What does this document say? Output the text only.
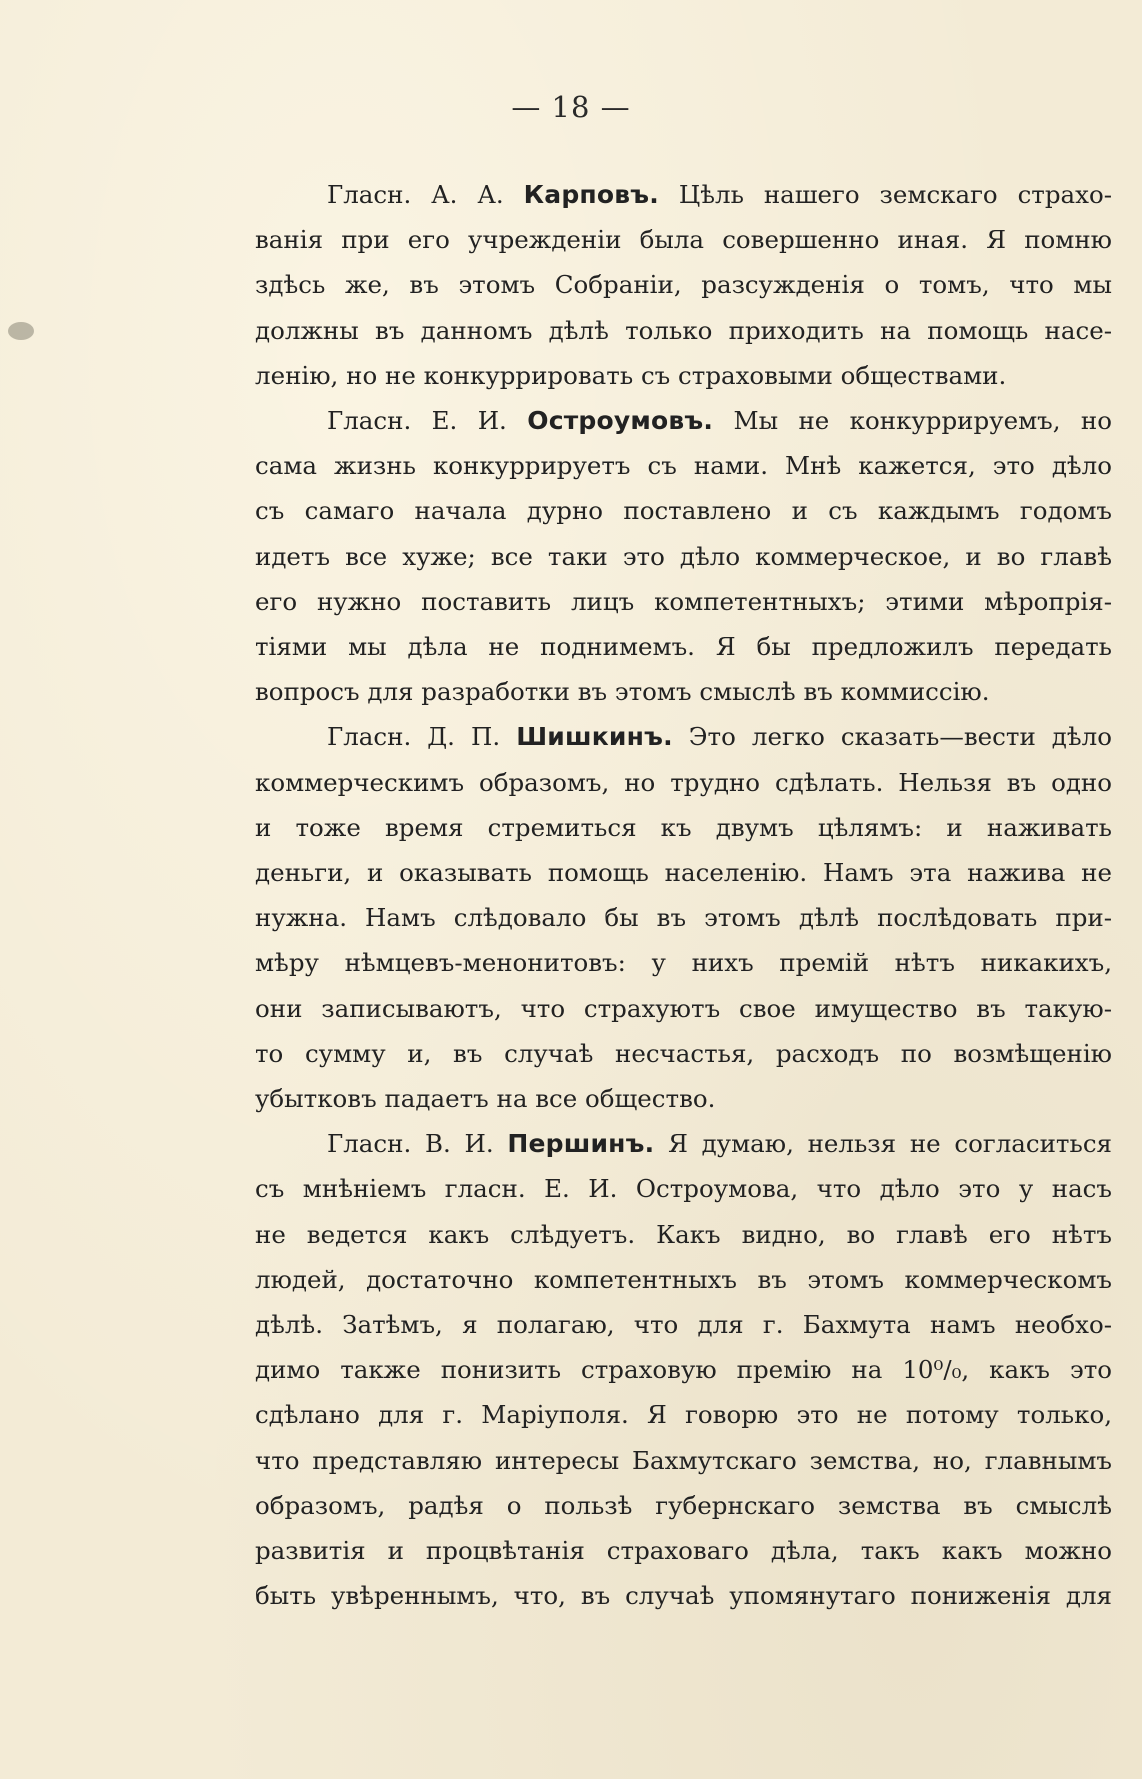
— 18 —
Гласн. А. А. Карповъ. Цѣль нашего земскаго страхо-
ванія при его учрежденіи была совершенно иная. Я помню
здѣсь же, въ этомъ Собраніи, разсужденія о томъ, что мы
должны въ данномъ дѣлѣ только приходить на помощь насе-
ленію, но не конкуррировать съ страховыми обществами.
Гласн. Е. И. Остроумовъ. Мы не конкуррируемъ, но
сама жизнь конкуррируетъ съ нами. Мнѣ кажется, это дѣло
съ самаго начала дурно поставлено и съ каждымъ годомъ
идетъ все хуже; все таки это дѣло коммерческое, и во главѣ
его нужно поставить лицъ компетентныхъ; этими мѣропрія-
тіями мы дѣла не поднимемъ. Я бы предложилъ передать
вопросъ для разработки въ этомъ смыслѣ въ коммиссію.
Гласн. Д. П. Шишкинъ. Это легко сказать—вести дѣло
коммерческимъ образомъ, но трудно сдѣлать. Нельзя въ одно
и тоже время стремиться къ двумъ цѣлямъ: и наживать
деньги, и оказывать помощь населенію. Намъ эта нажива не
нужна. Намъ слѣдовало бы въ этомъ дѣлѣ послѣдовать при-
мѣру нѣмцевъ-менонитовъ: у нихъ премій нѣтъ никакихъ,
они записываютъ, что страхуютъ свое имущество въ такую-
то сумму и, въ случаѣ несчастья, расходъ по возмѣщенію
убытковъ падаетъ на все общество.
Гласн. В. И. Першинъ. Я думаю, нельзя не согласиться
съ мнѣніемъ гласн. Е. И. Остроумова, что дѣло это у насъ
не ведется какъ слѣдуетъ. Какъ видно, во главѣ его нѣтъ
людей, достаточно компетентныхъ въ этомъ коммерческомъ
дѣлѣ. Затѣмъ, я полагаю, что для г. Бахмута намъ необхо-
димо также понизить страховую премію на 10⁰/₀, какъ это
сдѣлано для г. Маріуполя. Я говорю это не потому только,
что представляю интересы Бахмутскаго земства, но, главнымъ
образомъ, радѣя о пользѣ губернскаго земства въ смыслѣ
развитія и процвѣтанія страховаго дѣла, такъ какъ можно
быть увѣреннымъ, что, въ случаѣ упомянутаго пониженія для
